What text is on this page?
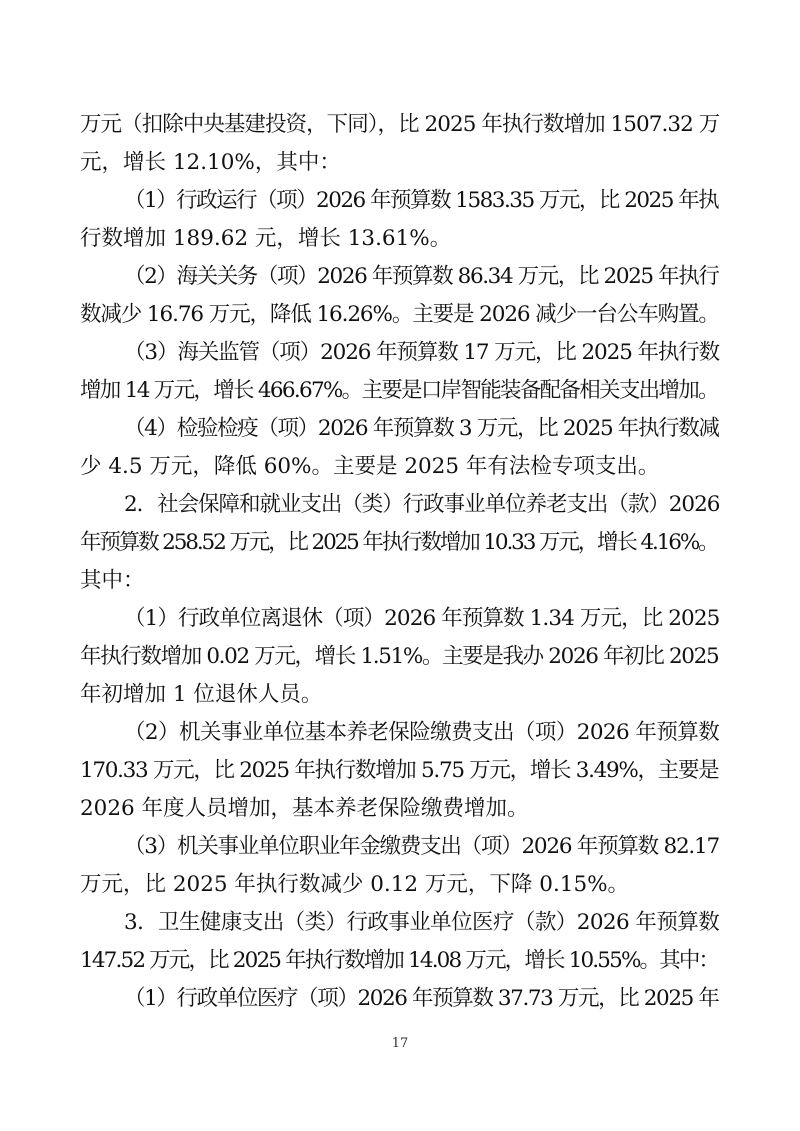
万元（扣除中央基建投资，下同），比 2025 年执行数增加 1507.32 万
元，增长 12.10%，其中：
（1）行政运行（项）2026 年预算数 1583.35 万元，比 2025 年执
行数增加 189.62 元，增长 13.61%。
（2）海关关务（项）2026 年预算数 86.34 万元，比 2025 年执行
数减少 16.76 万元，降低 16.26%。主要是 2026 减少一台公车购置。
（3）海关监管（项）2026 年预算数 17 万元，比 2025 年执行数
增加 14 万元，增长 466.67%。主要是口岸智能装备配备相关支出增加。
（4）检验检疫（项）2026 年预算数 3 万元，比 2025 年执行数减
少 4.5 万元，降低 60%。主要是 2025 年有法检专项支出。
2．社会保障和就业支出（类）行政事业单位养老支出（款）2026
年预算数 258.52 万元，比 2025 年执行数增加 10.33 万元，增长 4.16%。
其中：
（1）行政单位离退休（项）2026 年预算数 1.34 万元，比 2025
年执行数增加 0.02 万元，增长 1.51%。主要是我办 2026 年初比 2025
年初增加 1 位退休人员。
（2）机关事业单位基本养老保险缴费支出（项）2026 年预算数
170.33 万元，比 2025 年执行数增加 5.75 万元，增长 3.49%，主要是
2026 年度人员增加，基本养老保险缴费增加。
（3）机关事业单位职业年金缴费支出（项）2026 年预算数 82.17
万元，比 2025 年执行数减少 0.12 万元，下降 0.15%。
3．卫生健康支出（类）行政事业单位医疗（款）2026 年预算数
147.52 万元，比 2025 年执行数增加 14.08 万元，增长 10.55%。其中：
（1）行政单位医疗（项）2026 年预算数 37.73 万元，比 2025 年
17
